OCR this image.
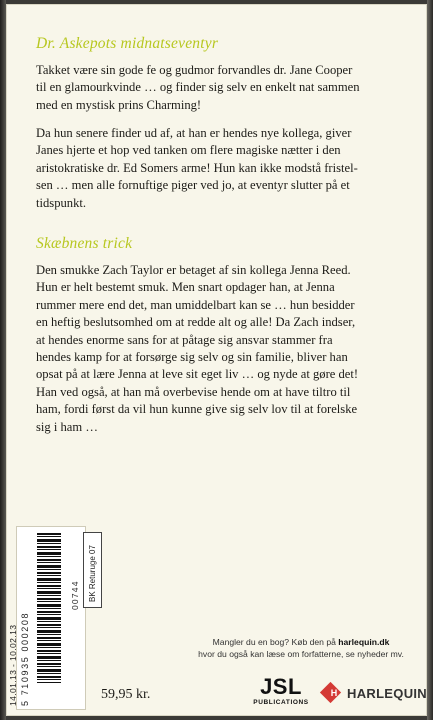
Dr. Askepots midnatseventyr
Takket være sin gode fe og gudmor forvandles dr. Jane Cooper
til en glamourkvinde … og finder sig selv en enkelt nat sammen
med en mystisk prins Charming!
Da hun senere finder ud af, at han er hendes nye kollega, giver
Janes hjerte et hop ved tanken om flere magiske nætter i den
aristokratiske dr. Ed Somers arme! Hun kan ikke modstå fristel-
sen … men alle fornuftige piger ved jo, at eventyr slutter på et
tidspunkt.
Skæbnens trick
Den smukke Zach Taylor er betaget af sin kollega Jenna Reed.
Hun er helt bestemt smuk. Men snart opdager han, at Jenna
rummer mere end det, man umiddelbart kan se … hun besidder
en heftig beslutsomhed om at redde alt og alle! Da Zach indser,
at hendes enorme sans for at påtage sig ansvar stammer fra
hendes kamp for at forsørge sig selv og sin familie, bliver han
opsat på at lære Jenna at leve sit eget liv … og nyde at gøre det!
Han ved også, at han må overbevise hende om at have tiltro til
ham, fordi først da vil hun kunne give sig selv lov til at forelske
sig i ham …

Mangler du en bog? Køb den på harlequin.dk

hvor du også kan læse om forfatterne, se nyheder mv.

59,95 kr.	JSL
PUBLICATIONS
H HARLEQUIN
5 710935 000208
14.01.13 - 10.02.13
00744 BK Returuge 07
